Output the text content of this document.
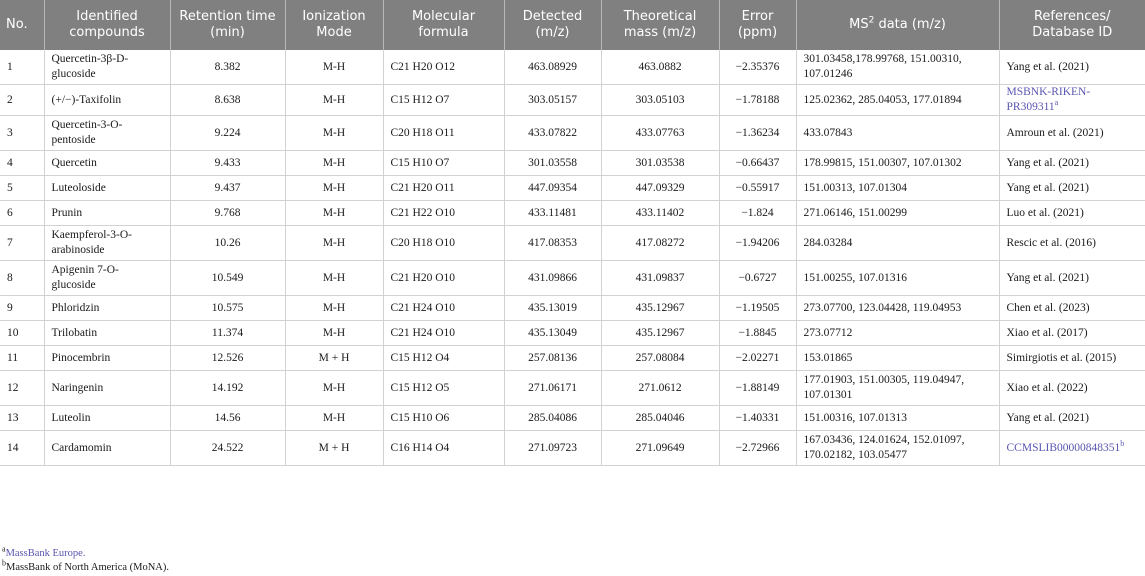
No.	Identified compounds	Retention time (min)	Ionization Mode	Molecular formula	Detected (m/z)	Theoretical mass (m/z)	Error (ppm)	$MS^2$ data (m/z)	References/ Database ID
1	Quercetin-3β-D-glucoside	8.382	M-H	C21 H20 O12	463.08929	463.0882	−2.35376	301.03458,178.99768, 151.00310, 107.01246	Yang et al. (2021)
2	(+/−)-Taxifolin	8.638	M-H	C15 H12 O7	303.05157	303.05103	−1.78188	125.02362, 285.04053, 177.01894	MSBNK-RIKEN-PR309311$^a$
3	Quercetin-3-O-pentoside	9.224	M-H	C20 H18 O11	433.07822	433.07763	−1.36234	433.07843	Amroun et al. (2021)
4	Quercetin	9.433	M-H	C15 H10 O7	301.03558	301.03538	−0.66437	178.99815, 151.00307, 107.01302	Yang et al. (2021)
5	Luteoloside	9.437	M-H	C21 H20 O11	447.09354	447.09329	−0.55917	151.00313, 107.01304	Yang et al. (2021)
6	Prunin	9.768	M-H	C21 H22 O10	433.11481	433.11402	−1.824	271.06146, 151.00299	Luo et al. (2021)
7	Kaempferol-3-O-arabinoside	10.26	M-H	C20 H18 O10	417.08353	417.08272	−1.94206	284.03284	Rescic et al. (2016)
8	Apigenin 7-O-glucoside	10.549	M-H	C21 H20 O10	431.09866	431.09837	−0.6727	151.00255, 107.01316	Yang et al. (2021)
9	Phloridzin	10.575	M-H	C21 H24 O10	435.13019	435.12967	−1.19505	273.07700, 123.04428, 119.04953	Chen et al. (2023)
10	Trilobatin	11.374	M-H	C21 H24 O10	435.13049	435.12967	−1.8845	273.07712	Xiao et al. (2017)
11	Pinocembrin	12.526	M + H	C15 H12 O4	257.08136	257.08084	−2.02271	153.01865	Simirgiotis et al. (2015)
12	Naringenin	14.192	M-H	C15 H12 O5	271.06171	271.0612	−1.88149	177.01903, 151.00305, 119.04947, 107.01301	Xiao et al. (2022)
13	Luteolin	14.56	M-H	C15 H10 O6	285.04086	285.04046	−1.40331	151.00316, 107.01313	Yang et al. (2021)
14	Cardamomin	24.522	M + H	C16 H14 O4	271.09723	271.09649	−2.72966	167.03436, 124.01624, 152.01097, 170.02182, 103.05477	CCMSLIB00000848351$^b$
$^a$MassBank Europe.
$^b$MassBank of North America (MoNA).
